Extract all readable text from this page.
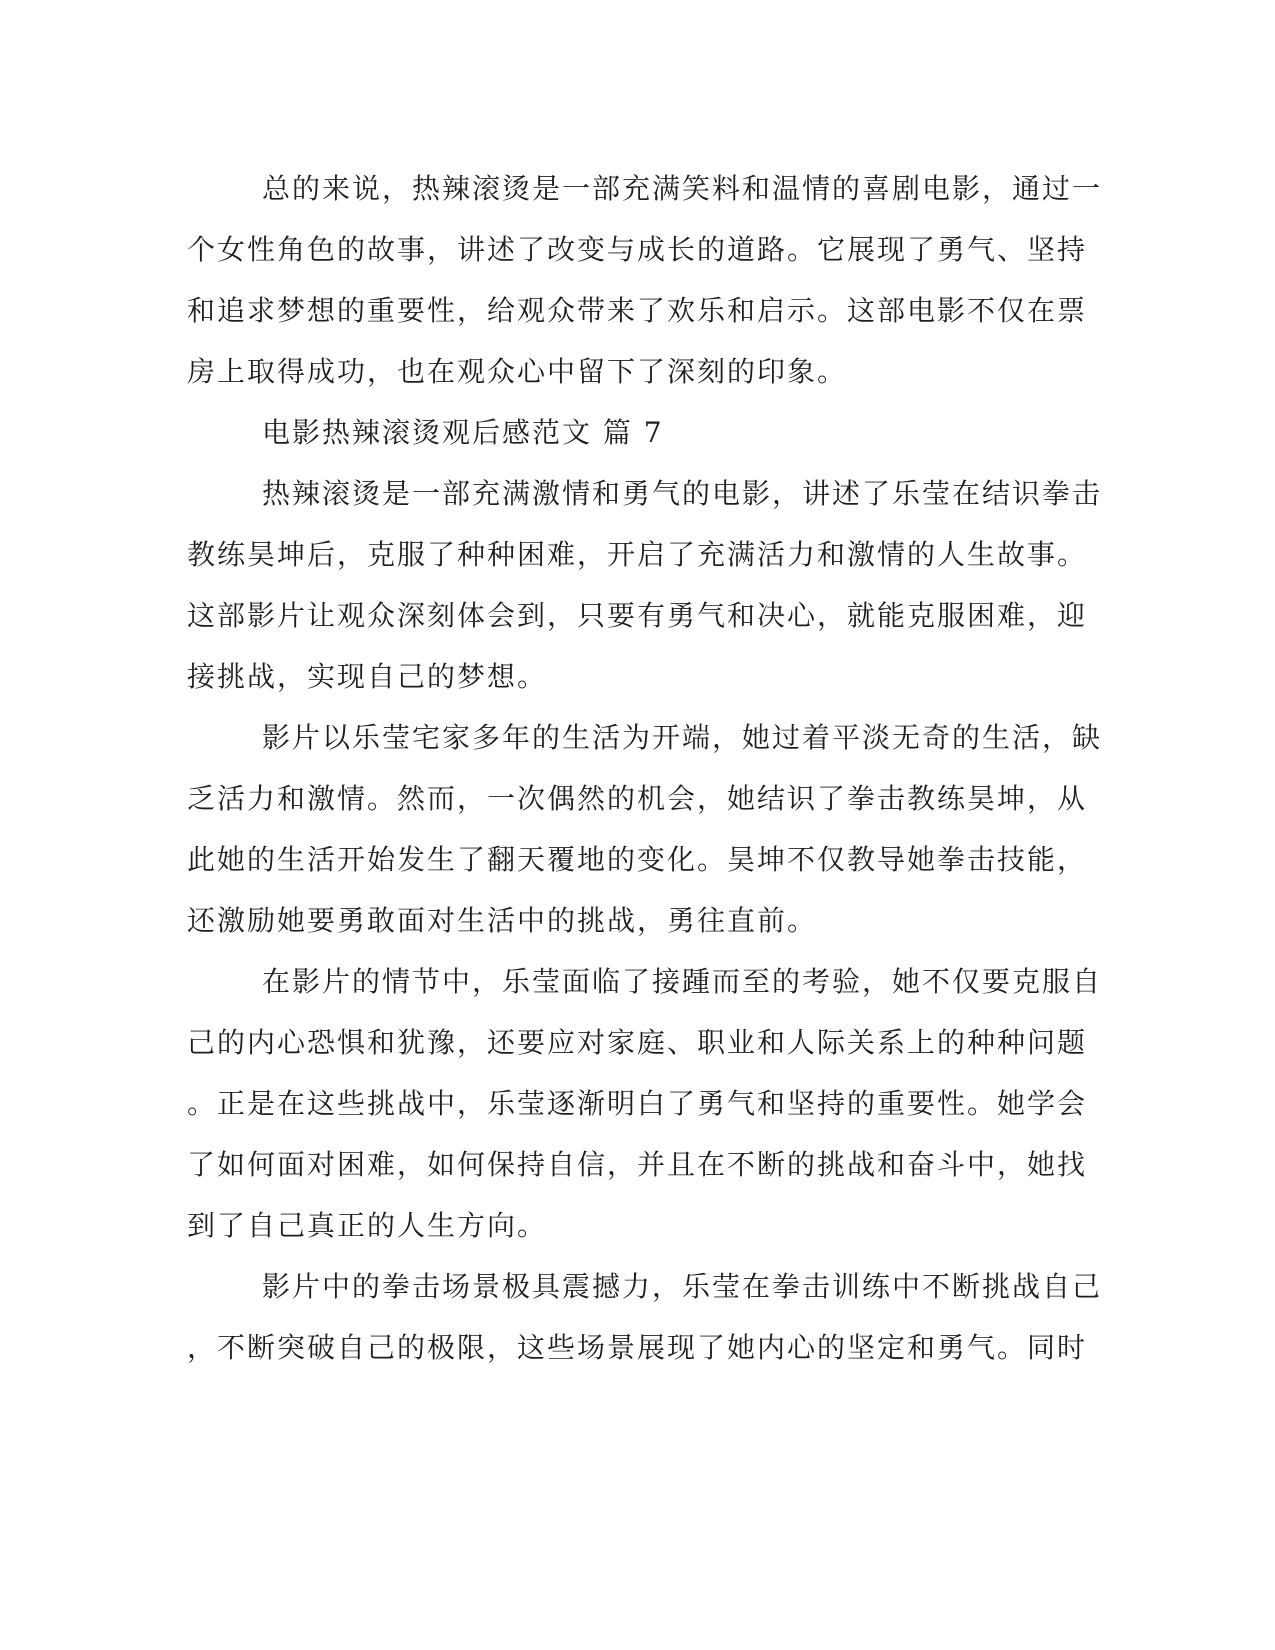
总的来说，热辣滚烫是一部充满笑料和温情的喜剧电影，通过一
个女性角色的故事，讲述了改变与成长的道路。它展现了勇气、坚持
和追求梦想的重要性，给观众带来了欢乐和启示。这部电影不仅在票
房上取得成功，也在观众心中留下了深刻的印象。
电影热辣滚烫观后感范文 篇 7
热辣滚烫是一部充满激情和勇气的电影，讲述了乐莹在结识拳击
教练昊坤后，克服了种种困难，开启了充满活力和激情的人生故事。
这部影片让观众深刻体会到，只要有勇气和决心，就能克服困难，迎
接挑战，实现自己的梦想。
影片以乐莹宅家多年的生活为开端，她过着平淡无奇的生活，缺
乏活力和激情。然而，一次偶然的机会，她结识了拳击教练昊坤，从
此她的生活开始发生了翻天覆地的变化。昊坤不仅教导她拳击技能，
还激励她要勇敢面对生活中的挑战，勇往直前。
在影片的情节中，乐莹面临了接踵而至的考验，她不仅要克服自
己的内心恐惧和犹豫，还要应对家庭、职业和人际关系上的种种问题
。正是在这些挑战中，乐莹逐渐明白了勇气和坚持的重要性。她学会
了如何面对困难，如何保持自信，并且在不断的挑战和奋斗中，她找
到了自己真正的人生方向。
影片中的拳击场景极具震撼力，乐莹在拳击训练中不断挑战自己
，不断突破自己的极限，这些场景展现了她内心的坚定和勇气。同时
